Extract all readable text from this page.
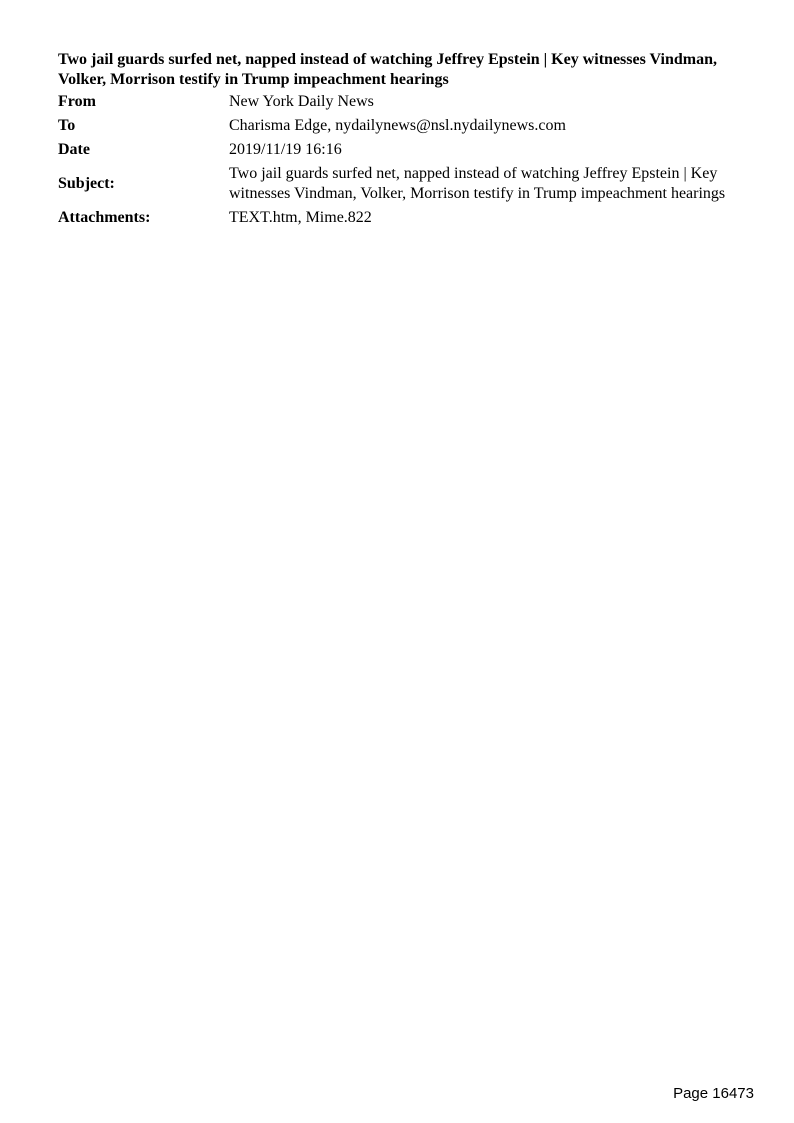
Two jail guards surfed net, napped instead of watching Jeffrey Epstein | Key witnesses Vindman, Volker, Morrison testify in Trump impeachment hearings
From	New York Daily News
To	Charisma Edge, nydailynews@nsl.nydailynews.com
Date	2019/11/19 16:16
Subject:	Two jail guards surfed net, napped instead of watching Jeffrey Epstein | Key witnesses Vindman, Volker, Morrison testify in Trump impeachment hearings
Attachments:	TEXT.htm, Mime.822
Page 16473
